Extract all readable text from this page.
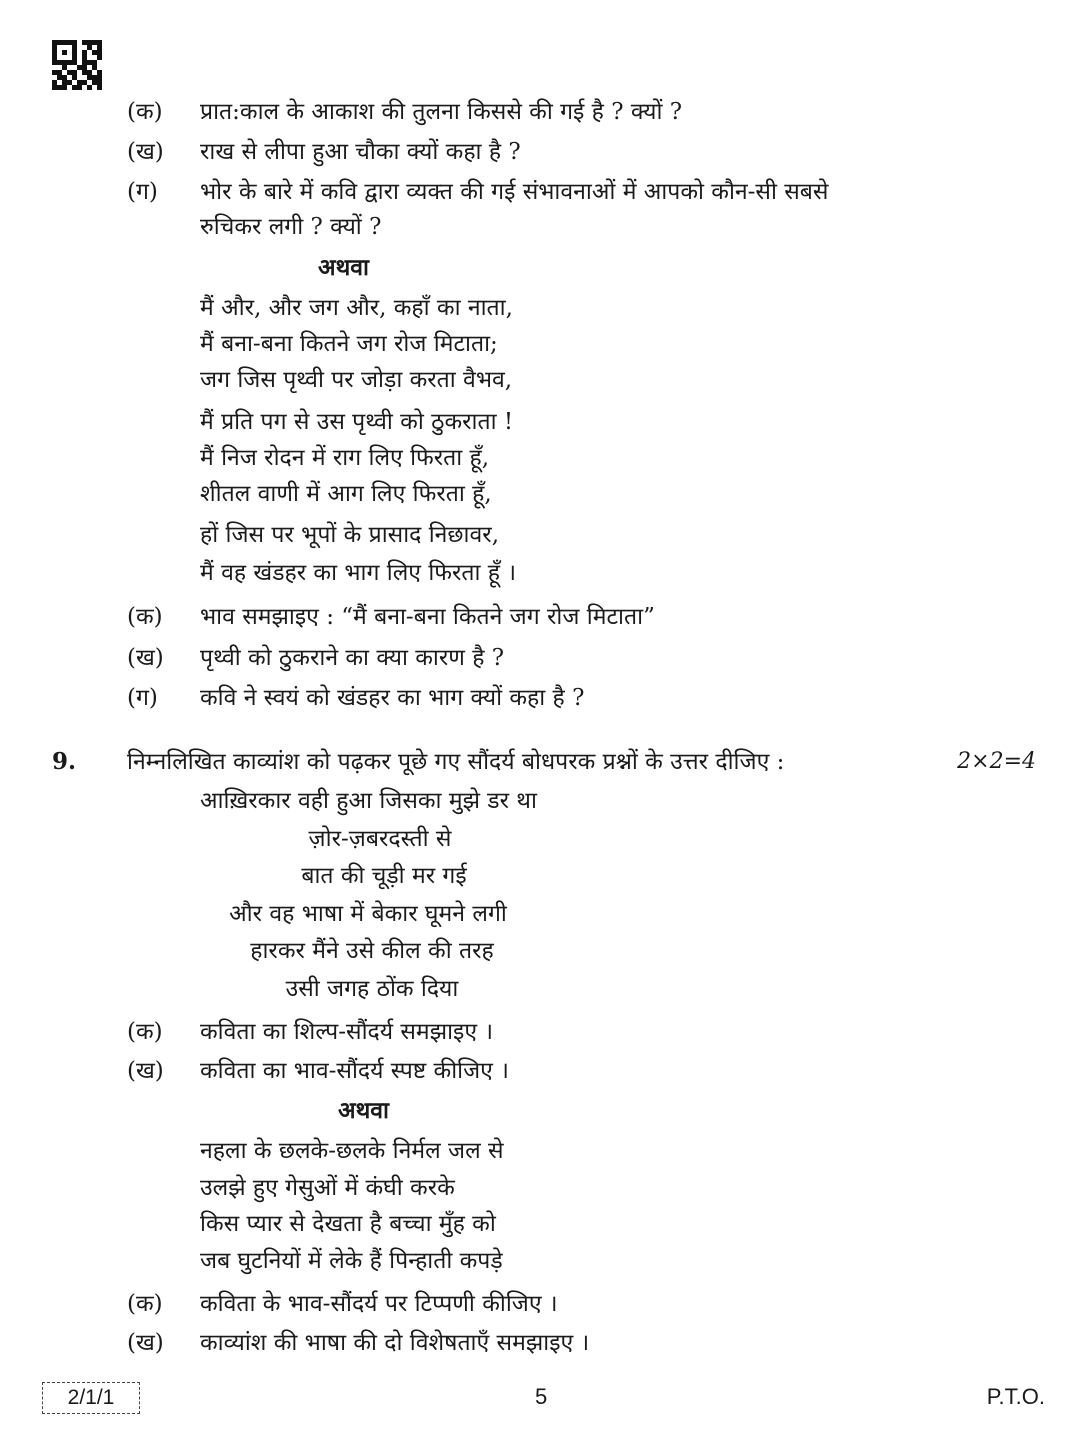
(क) प्रात:काल के आकाश की तुलना किससे की गई है ? क्यों ?
(ख) राख से लीपा हुआ चौका क्यों कहा है ?
(ग) भोर के बारे में कवि द्वारा व्यक्त की गई संभावनाओं में आपको कौन-सी सबसे
रुचिकर लगी ? क्यों ?
अथवा
मैं और, और जग और, कहाँ का नाता,
मैं बना-बना कितने जग रोज मिटाता;
जग जिस पृथ्वी पर जोड़ा करता वैभव,
मैं प्रति पग से उस पृथ्वी को ठुकराता !
मैं निज रोदन में राग लिए फिरता हूँ,
शीतल वाणी में आग लिए फिरता हूँ,
हों जिस पर भूपों के प्रासाद निछावर,
मैं वह खंडहर का भाग लिए फिरता हूँ ।
(क) भाव समझाइए : “मैं बना-बना कितने जग रोज मिटाता”
(ख) पृथ्वी को ठुकराने का क्या कारण है ?
(ग) कवि ने स्वयं को खंडहर का भाग क्यों कहा है ?
9. निम्नलिखित काव्यांश को पढ़कर पूछे गए सौंदर्य बोधपरक प्रश्नों के उत्तर दीजिए :	2×2=4
आख़िरकार वही हुआ जिसका मुझे डर था
ज़ोर-ज़बरदस्ती से
बात की चूड़ी मर गई
और वह भाषा में बेकार घूमने लगी
हारकर मैंने उसे कील की तरह
उसी जगह ठोंक दिया
(क) कविता का शिल्प-सौंदर्य समझाइए ।
(ख) कविता का भाव-सौंदर्य स्पष्ट कीजिए ।
अथवा
नहला के छलके-छलके निर्मल जल से
उलझे हुए गेसुओं में कंघी करके
किस प्यार से देखता है बच्चा मुँह को
जब घुटनियों में लेके हैं पिन्हाती कपड़े
(क) कविता के भाव-सौंदर्य पर टिप्पणी कीजिए ।
(ख) काव्यांश की भाषा की दो विशेषताएँ समझाइए ।
2/1/1	5	P.T.O.
